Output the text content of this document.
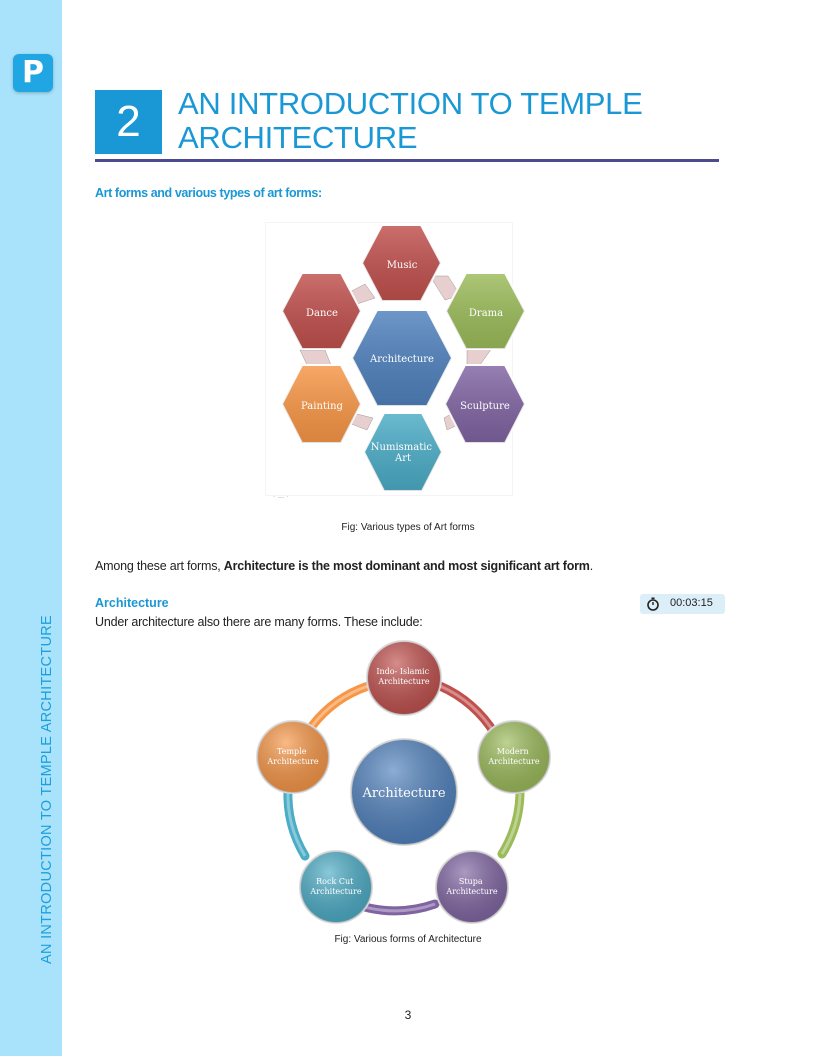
P
AN INTRODUCTION TO TEMPLE ARCHITECTURE
2	AN INTRODUCTION TO TEMPLE ARCHITECTURE
Art forms and various types of art forms:
Music
Drama
Sculpture
Numismatic Art
Painting
Dance
Architecture
· — ·
Fig: Various types of Art forms
Among these art forms, Architecture is the most dominant and most significant art form.
Architecture	00:03:15
Under architecture also there are many forms. These include:
Architecture
Indo- Islamic Architecture
Modern Architecture
Stupa Architecture
Rock Cut Architecture
Temple Architecture
Fig: Various forms of Architecture
3
